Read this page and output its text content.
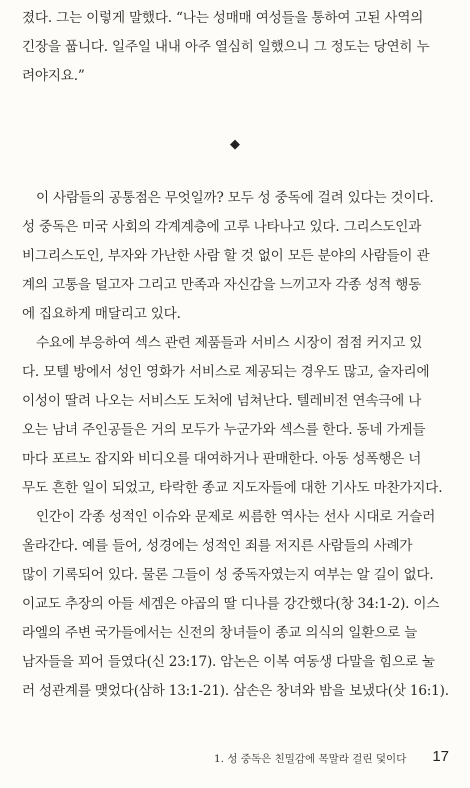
졌다. 그는 이렇게 말했다. “나는 성매매 여성들을 통하여 고된 사역의
긴장을 풉니다. 일주일 내내 아주 열심히 일했으니 그 정도는 당연히 누
려야지요.”
◆
이 사람들의 공통점은 무엇일까? 모두 성 중독에 걸려 있다는 것이다.
성 중독은 미국 사회의 각계계층에 고루 나타나고 있다. 그리스도인과
비그리스도인, 부자와 가난한 사람 할 것 없이 모든 분야의 사람들이 관
계의 고통을 덜고자 그리고 만족과 자신감을 느끼고자 각종 성적 행동
에 집요하게 매달리고 있다.
수요에 부응하여 섹스 관련 제품들과 서비스 시장이 점점 커지고 있
다. 모텔 방에서 성인 영화가 서비스로 제공되는 경우도 많고, 술자리에
이성이 딸려 나오는 서비스도 도처에 넘쳐난다. 텔레비전 연속극에 나
오는 남녀 주인공들은 거의 모두가 누군가와 섹스를 한다. 동네 가게들
마다 포르노 잡지와 비디오를 대여하거나 판매한다. 아동 성폭행은 너
무도 흔한 일이 되었고, 타락한 종교 지도자들에 대한 기사도 마찬가지다.
인간이 각종 성적인 이슈와 문제로 씨름한 역사는 선사 시대로 거슬러
올라간다. 예를 들어, 성경에는 성적인 죄를 저지른 사람들의 사례가
많이 기록되어 있다. 물론 그들이 성 중독자였는지 여부는 알 길이 없다.
이교도 추장의 아들 세겜은 야곱의 딸 디나를 강간했다(창 34:1-2). 이스
라엘의 주변 국가들에서는 신전의 창녀들이 종교 의식의 일환으로 늘
남자들을 꾀어 들였다(신 23:17). 암논은 이복 여동생 다말을 힘으로 눌
러 성관계를 맺었다(삼하 13:1-21). 삼손은 창녀와 밤을 보냈다(삿 16:1).
1. 성 중독은 친밀감에 목말라 걸린 덫이다	17
